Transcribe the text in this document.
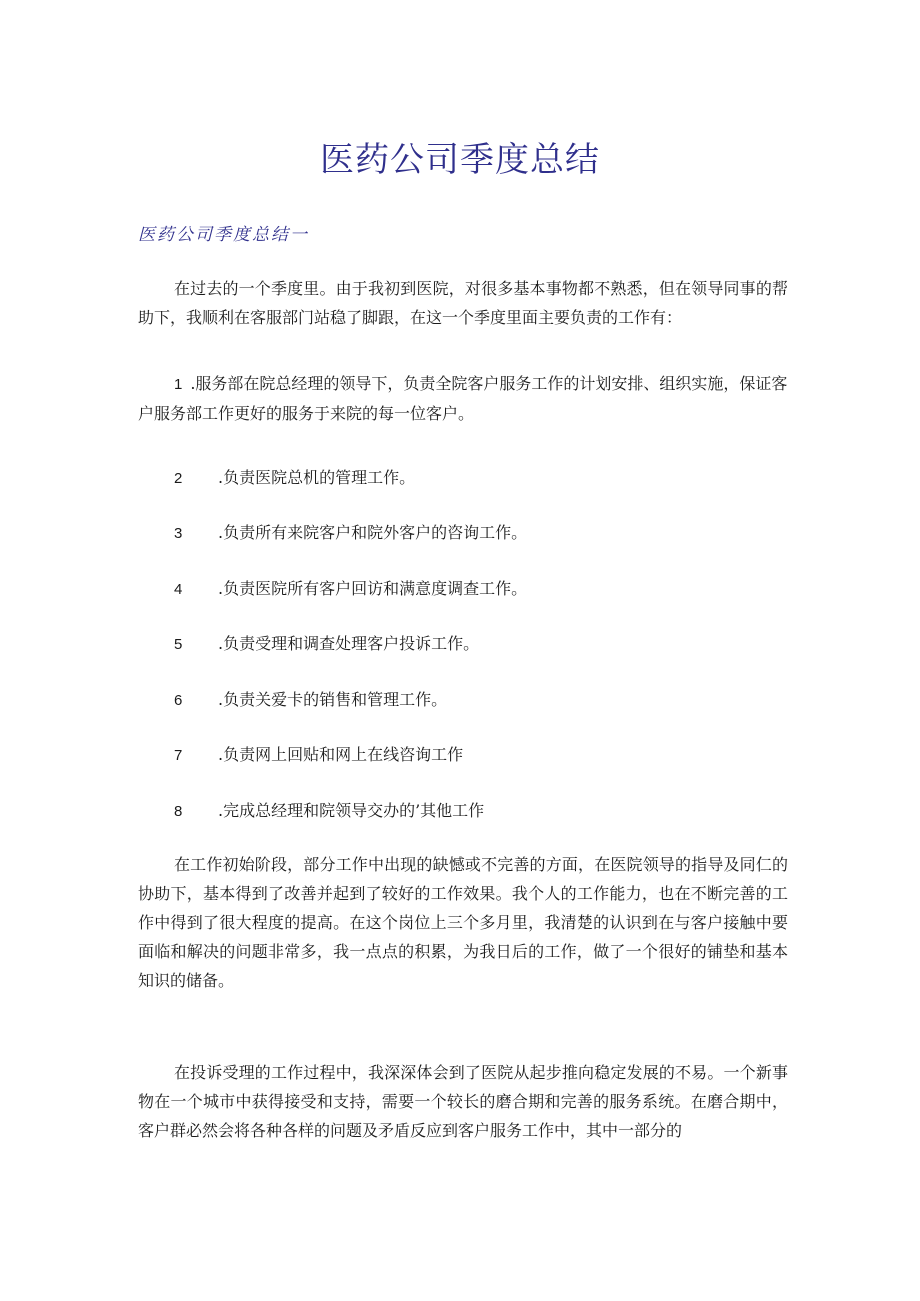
医药公司季度总结
医药公司季度总结一

在过去的一个季度里。由于我初到医院，对很多基本事物都不熟悉，但在领导同事的帮助下，我顺利在客服部门站稳了脚跟，在这一个季度里面主要负责的工作有：

1 .服务部在院总经理的领导下，负责全院客户服务工作的计划安排、组织实施，保证客户服务部工作更好的服务于来院的每一位客户。
2 .负责医院总机的管理工作。
3 .负责所有来院客户和院外客户的咨询工作。
4 .负责医院所有客户回访和满意度调查工作。
5 .负责受理和调查处理客户投诉工作。
6 .负责关爱卡的销售和管理工作。
7 .负责网上回贴和网上在线咨询工作
8 .完成总经理和院领导交办的’其他工作

在工作初始阶段，部分工作中出现的缺憾或不完善的方面，在医院领导的指导及同仁的协助下，基本得到了改善并起到了较好的工作效果。我个人的工作能力，也在不断完善的工作中得到了很大程度的提高。在这个岗位上三个多月里，我清楚的认识到在与客户接触中要面临和解决的问题非常多，我一点点的积累，为我日后的工作，做了一个很好的铺垫和基本知识的储备。

在投诉受理的工作过程中，我深深体会到了医院从起步推向稳定发展的不易。一个新事物在一个城市中获得接受和支持，需要一个较长的磨合期和完善的服务系统。在磨合期中，客户群必然会将各种各样的问题及矛盾反应到客户服务工作中，其中一部分的
